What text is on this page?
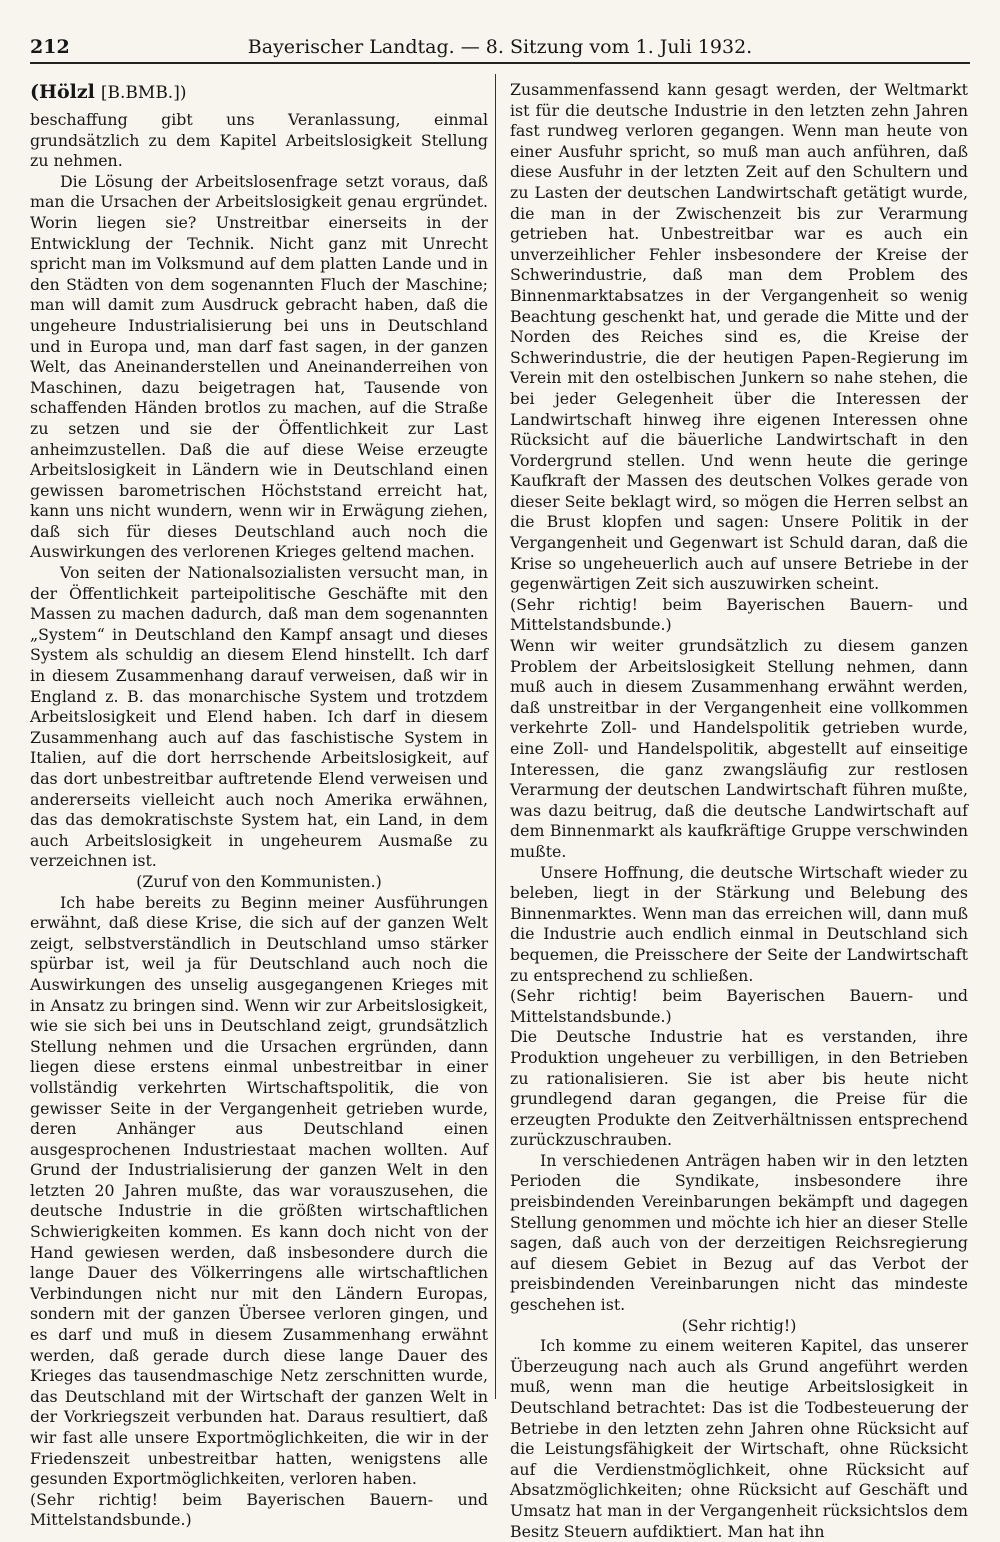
212	Bayerischer Landtag. — 8. Sitzung vom 1. Juli 1932.
(Hölzl [B.BMB.])

beschaffung gibt uns Veranlassung, einmal grundsätzlich zu dem Kapitel Arbeitslosigkeit Stellung zu nehmen.

Die Lösung der Arbeitslosenfrage setzt voraus, daß man die Ursachen der Arbeitslosigkeit genau ergründet. Worin liegen sie? Unstreitbar einerseits in der Entwicklung der Technik. Nicht ganz mit Unrecht spricht man im Volksmund auf dem platten Lande und in den Städten von dem sogenannten Fluch der Maschine; man will damit zum Ausdruck gebracht haben, daß die ungeheure Industrialisierung bei uns in Deutschland und in Europa und, man darf fast sagen, in der ganzen Welt, das Aneinanderstellen und Aneinanderreihen von Maschinen, dazu beigetragen hat, Tausende von schaffenden Händen brotlos zu machen, auf die Straße zu setzen und sie der Öffentlichkeit zur Last anheimzustellen. Daß die auf diese Weise erzeugte Arbeitslosigkeit in Ländern wie in Deutschland einen gewissen barometrischen Höchststand erreicht hat, kann uns nicht wundern, wenn wir in Erwägung ziehen, daß sich für dieses Deutschland auch noch die Auswirkungen des verlorenen Krieges geltend machen.

Von seiten der Nationalsozialisten versucht man, in der Öffentlichkeit parteipolitische Geschäfte mit den Massen zu machen dadurch, daß man dem sogenannten „System“ in Deutschland den Kampf ansagt und dieses System als schuldig an diesem Elend hinstellt. Ich darf in diesem Zusammenhang darauf verweisen, daß wir in England z. B. das monarchische System und trotzdem Arbeitslosigkeit und Elend haben. Ich darf in diesem Zusammenhang auch auf das faschistische System in Italien, auf die dort herrschende Arbeitslosigkeit, auf das dort unbestreitbar auftretende Elend verweisen und andererseits vielleicht auch noch Amerika erwähnen, das das demokratischste System hat, ein Land, in dem auch Arbeitslosigkeit in ungeheurem Ausmaße zu verzeichnen ist.

(Zuruf von den Kommunisten.)

Ich habe bereits zu Beginn meiner Ausführungen erwähnt, daß diese Krise, die sich auf der ganzen Welt zeigt, selbstverständlich in Deutschland umso stärker spürbar ist, weil ja für Deutschland auch noch die Auswirkungen des unselig ausgegangenen Krieges mit in Ansatz zu bringen sind. Wenn wir zur Arbeitslosigkeit, wie sie sich bei uns in Deutschland zeigt, grundsätzlich Stellung nehmen und die Ursachen ergründen, dann liegen diese erstens einmal unbestreitbar in einer vollständig verkehrten Wirtschaftspolitik, die von gewisser Seite in der Vergangenheit getrieben wurde, deren Anhänger aus Deutschland einen ausgesprochenen Industriestaat machen wollten. Auf Grund der Industrialisierung der ganzen Welt in den letzten 20 Jahren mußte, das war vorauszusehen, die deutsche Industrie in die größten wirtschaftlichen Schwierigkeiten kommen. Es kann doch nicht von der Hand gewiesen werden, daß insbesondere durch die lange Dauer des Völkerringens alle wirtschaftlichen Verbindungen nicht nur mit den Ländern Europas, sondern mit der ganzen Übersee verloren gingen, und es darf und muß in diesem Zusammenhang erwähnt werden, daß gerade durch diese lange Dauer des Krieges das tausendmaschige Netz zerschnitten wurde, das Deutschland mit der Wirtschaft der ganzen Welt in der Vorkriegszeit verbunden hat. Daraus resultiert, daß wir fast alle unsere Exportmöglichkeiten, die wir in der Friedenszeit unbestreitbar hatten, wenigstens alle gesunden Exportmöglichkeiten, verloren haben.

(Sehr richtig! beim Bayerischen Bauern- und Mittelstandsbunde.)

Zusammenfassend kann gesagt werden, der Weltmarkt ist für die deutsche Industrie in den letzten zehn Jahren fast rundweg verloren gegangen. Wenn man heute von einer Ausfuhr spricht, so muß man auch anführen, daß diese Ausfuhr in der letzten Zeit auf den Schultern und zu Lasten der deutschen Landwirtschaft getätigt wurde, die man in der Zwischenzeit bis zur Verarmung getrieben hat. Unbestreitbar war es auch ein unverzeihlicher Fehler insbesondere der Kreise der Schwerindustrie, daß man dem Problem des Binnenmarktabsatzes in der Vergangenheit so wenig Beachtung geschenkt hat, und gerade die Mitte und der Norden des Reiches sind es, die Kreise der Schwerindustrie, die der heutigen Papen-Regierung im Verein mit den ostelbischen Junkern so nahe stehen, die bei jeder Gelegenheit über die Interessen der Landwirtschaft hinweg ihre eigenen Interessen ohne Rücksicht auf die bäuerliche Landwirtschaft in den Vordergrund stellen. Und wenn heute die geringe Kaufkraft der Massen des deutschen Volkes gerade von dieser Seite beklagt wird, so mögen die Herren selbst an die Brust klopfen und sagen: Unsere Politik in der Vergangenheit und Gegenwart ist Schuld daran, daß die Krise so ungeheuerlich auch auf unsere Betriebe in der gegenwärtigen Zeit sich auszuwirken scheint.

(Sehr richtig! beim Bayerischen Bauern- und Mittelstandsbunde.)

Wenn wir weiter grundsätzlich zu diesem ganzen Problem der Arbeitslosigkeit Stellung nehmen, dann muß auch in diesem Zusammenhang erwähnt werden, daß unstreitbar in der Vergangenheit eine vollkommen verkehrte Zoll- und Handelspolitik getrieben wurde, eine Zoll- und Handelspolitik, abgestellt auf einseitige Interessen, die ganz zwangsläufig zur restlosen Verarmung der deutschen Landwirtschaft führen mußte, was dazu beitrug, daß die deutsche Landwirtschaft auf dem Binnenmarkt als kaufkräftige Gruppe verschwinden mußte.

Unsere Hoffnung, die deutsche Wirtschaft wieder zu beleben, liegt in der Stärkung und Belebung des Binnenmarktes. Wenn man das erreichen will, dann muß die Industrie auch endlich einmal in Deutschland sich bequemen, die Preisschere der Seite der Landwirtschaft zu entsprechend zu schließen.

(Sehr richtig! beim Bayerischen Bauern- und Mittelstandsbunde.)

Die Deutsche Industrie hat es verstanden, ihre Produktion ungeheuer zu verbilligen, in den Betrieben zu rationalisieren. Sie ist aber bis heute nicht grundlegend daran gegangen, die Preise für die erzeugten Produkte den Zeitverhältnissen entsprechend zurückzuschrauben.

In verschiedenen Anträgen haben wir in den letzten Perioden die Syndikate, insbesondere ihre preisbindenden Vereinbarungen bekämpft und dagegen Stellung genommen und möchte ich hier an dieser Stelle sagen, daß auch von der derzeitigen Reichsregierung auf diesem Gebiet in Bezug auf das Verbot der preisbindenden Vereinbarungen nicht das mindeste geschehen ist.

(Sehr richtig!)

Ich komme zu einem weiteren Kapitel, das unserer Überzeugung nach auch als Grund angeführt werden muß, wenn man die heutige Arbeitslosigkeit in Deutschland betrachtet: Das ist die Todbesteuerung der Betriebe in den letzten zehn Jahren ohne Rücksicht auf die Leistungsfähigkeit der Wirtschaft, ohne Rücksicht auf die Verdienstmöglichkeit, ohne Rücksicht auf Absatzmöglichkeiten; ohne Rücksicht auf Geschäft und Umsatz hat man in der Vergangenheit rücksichtslos dem Besitz Steuern aufdiktiert. Man hat ihn
